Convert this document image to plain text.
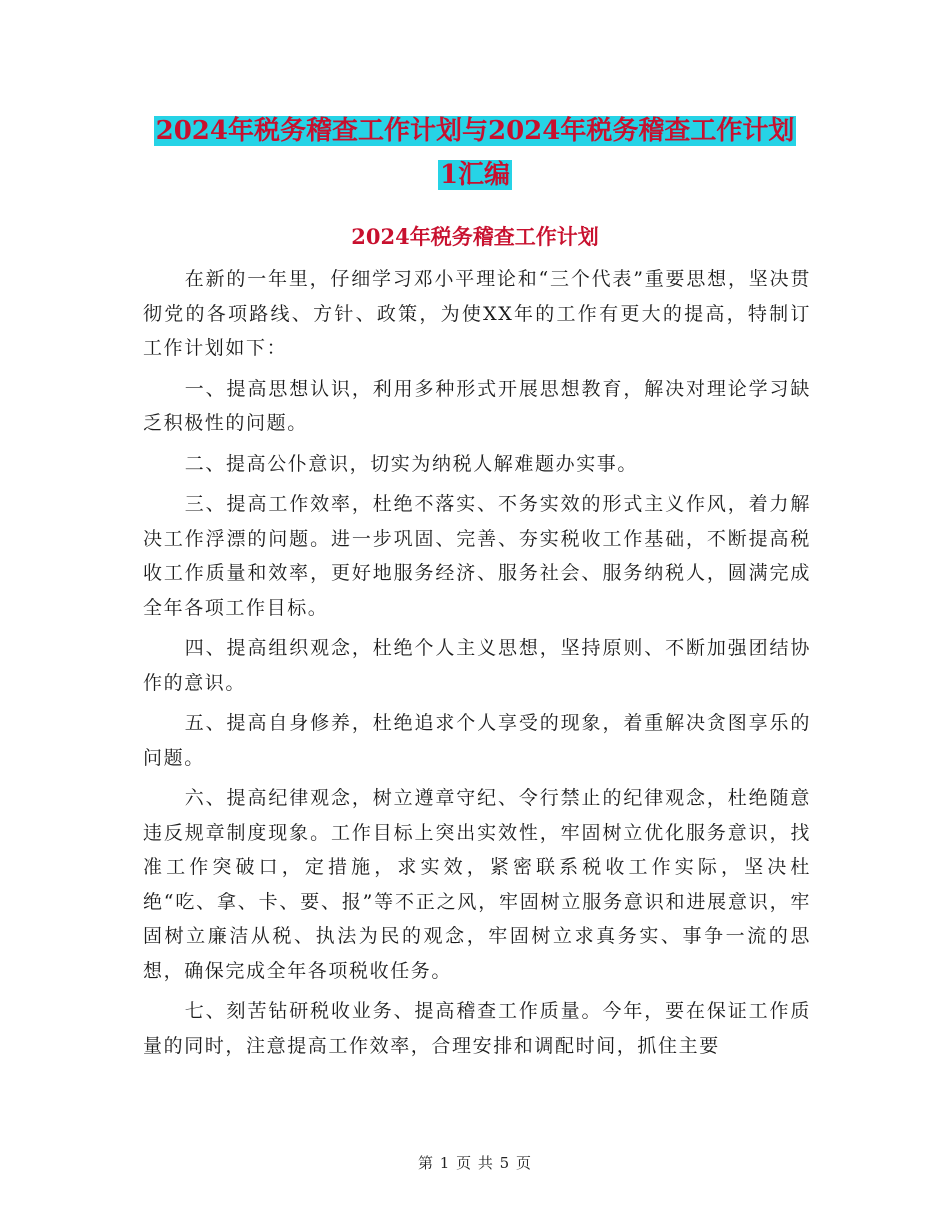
2024年税务稽查工作计划与2024年税务稽查工作计划
1汇编
2024年税务稽查工作计划

在新的一年里，仔细学习邓小平理论和“三个代表”重要思想，坚决贯彻党的各项路线、方针、政策，为使XX年的工作有更大的提高，特制订工作计划如下：

一、提高思想认识，利用多种形式开展思想教育，解决对理论学习缺乏积极性的问题。

二、提高公仆意识，切实为纳税人解难题办实事。

三、提高工作效率，杜绝不落实、不务实效的形式主义作风，着力解决工作浮漂的问题。进一步巩固、完善、夯实税收工作基础，不断提高税收工作质量和效率，更好地服务经济、服务社会、服务纳税人，圆满完成全年各项工作目标。

四、提高组织观念，杜绝个人主义思想，坚持原则、不断加强团结协作的意识。

五、提高自身修养，杜绝追求个人享受的现象，着重解决贪图享乐的问题。

六、提高纪律观念，树立遵章守纪、令行禁止的纪律观念，杜绝随意违反规章制度现象。工作目标上突出实效性，牢固树立优化服务意识，找准工作突破口，定措施，求实效，紧密联系税收工作实际，坚决杜绝“吃、拿、卡、要、报”等不正之风，牢固树立服务意识和进展意识，牢固树立廉洁从税、执法为民的观念，牢固树立求真务实、事争一流的思想，确保完成全年各项税收任务。

七、刻苦钻研税收业务、提高稽查工作质量。今年，要在保证工作质量的同时，注意提高工作效率，合理安排和调配时间，抓住主要

第 1 页 共 5 页
